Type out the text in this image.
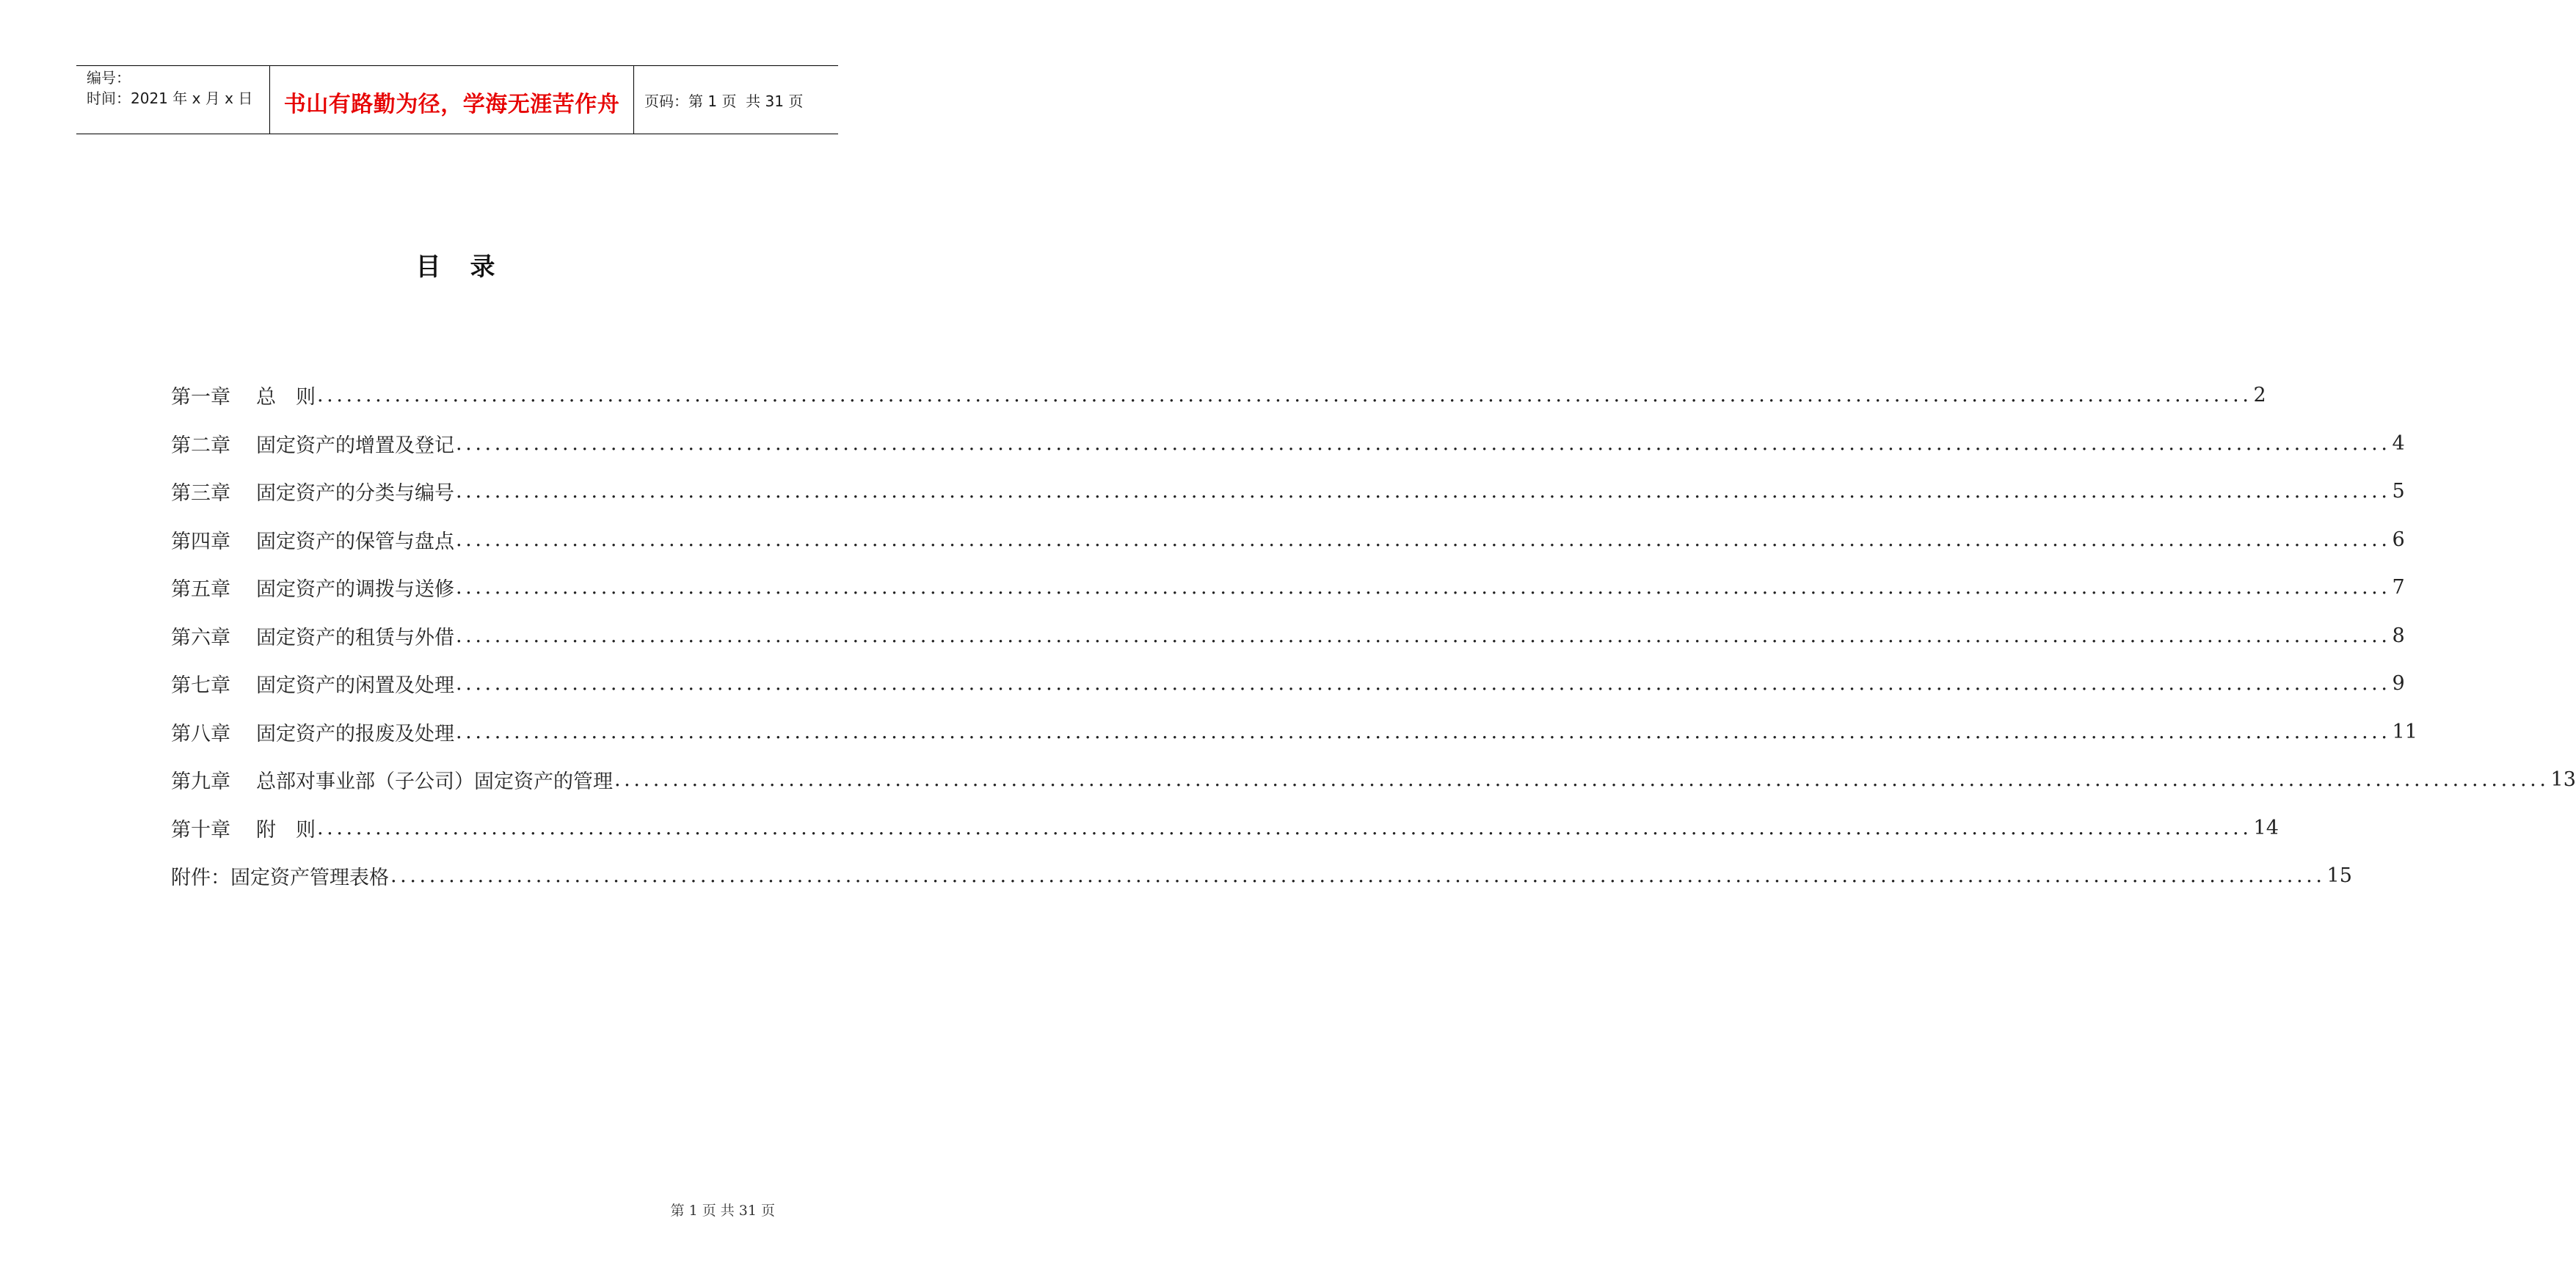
编号：
时间：2021 年 x 月 x 日 书山有路勤为径，学海无涯苦作舟 页码：第 1 页  共 31 页
目录
第一章	总　则 ........................................................................................................................................................................................................ 2
第二章	固定资产的增置及登记 ........................................................................................................................................................................................................ 4
第三章	固定资产的分类与编号 ........................................................................................................................................................................................................ 5
第四章	固定资产的保管与盘点 ........................................................................................................................................................................................................ 6
第五章	固定资产的调拨与送修 ........................................................................................................................................................................................................ 7
第六章	固定资产的租赁与外借 ........................................................................................................................................................................................................ 8
第七章	固定资产的闲置及处理 ........................................................................................................................................................................................................ 9
第八章	固定资产的报废及处理 ........................................................................................................................................................................................................ 11
第九章	总部对事业部（子公司）固定资产的管理 ........................................................................................................................................................................................................ 13
第十章	附　则 ........................................................................................................................................................................................................ 14
附件：固定资产管理表格 ........................................................................................................................................................................................................ 15
第 1 页 共 31 页
